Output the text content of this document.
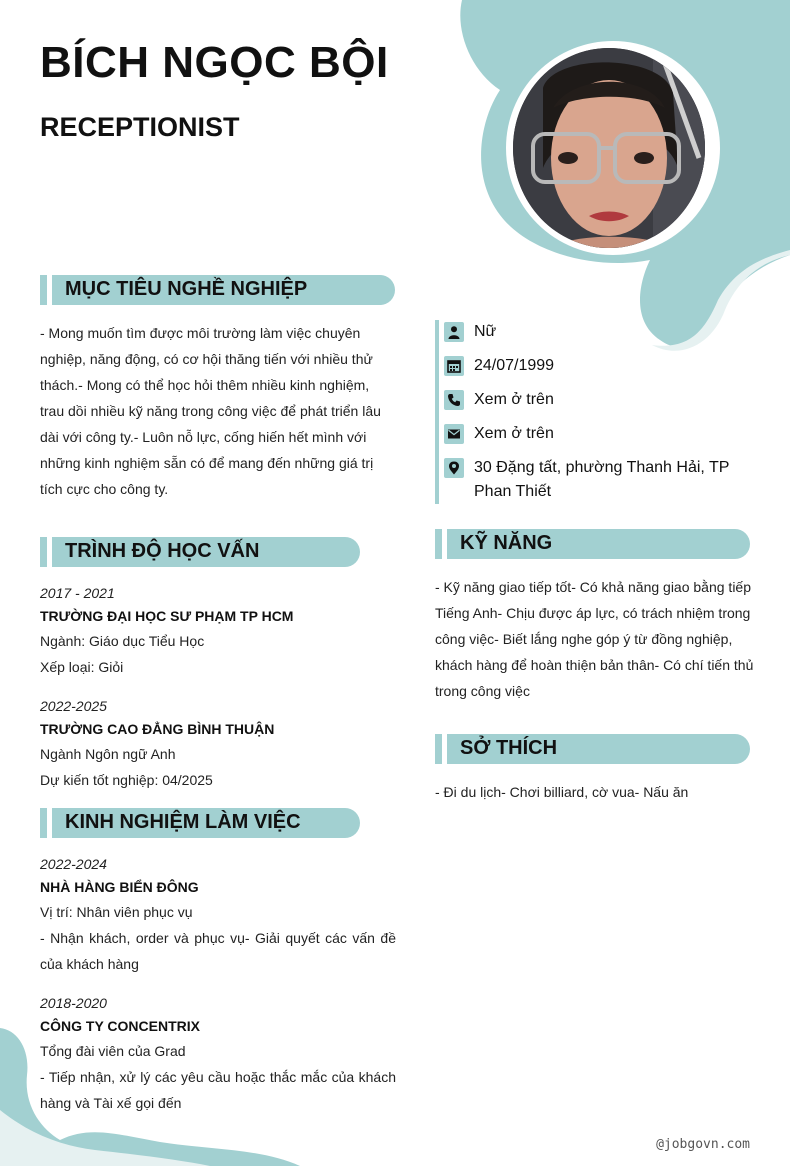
BÍCH NGỌC BỘI
RECEPTIONIST
MỤC TIÊU NGHỀ NGHIỆP
- Mong muốn tìm được môi trường làm việc chuyên
nghiệp, năng động, có cơ hội thăng tiến với nhiều thử
thách.- Mong có thể học hỏi thêm nhiều kinh nghiệm,
trau dồi nhiều kỹ năng trong công việc để phát triển lâu
dài với công ty.- Luôn nỗ lực, cống hiến hết mình với
những kinh nghiệm sẵn có để mang đến những giá trị
tích cực cho công ty.
TRÌNH ĐỘ HỌC VẤN
2017 - 2021
TRƯỜNG ĐẠI HỌC SƯ PHẠM TP HCM
Ngành: Giáo dục Tiểu Học
Xếp loại: Giỏi
2022-2025
TRƯỜNG CAO ĐẲNG BÌNH THUẬN
Ngành Ngôn ngữ Anh
Dự kiến tốt nghiệp: 04/2025
KINH NGHIỆM LÀM VIỆC
2022-2024
NHÀ HÀNG BIỂN ĐÔNG
Vị trí: Nhân viên phục vụ
- Nhận khách, order và phục vụ- Giải quyết các vấn đề của khách hàng
2018-2020
CÔNG TY CONCENTRIX
Tổng đài viên của Grad
- Tiếp nhận, xử lý các yêu cầu hoặc thắc mắc của khách hàng và Tài xế gọi đến
Nữ
24/07/1999
Xem ở trên
Xem ở trên
30 Đặng tất, phường Thanh Hải, TP Phan Thiết
KỸ NĂNG
- Kỹ năng giao tiếp tốt- Có khả năng giao bằng tiếp
Tiếng Anh- Chịu được áp lực, có trách nhiệm trong
công việc- Biết lắng nghe góp ý từ đồng nghiệp,
khách hàng để hoàn thiện bản thân- Có chí tiến thủ
trong công việc
SỞ THÍCH
- Đi du lịch- Chơi billiard, cờ vua- Nấu ăn
@jobgovn.com
